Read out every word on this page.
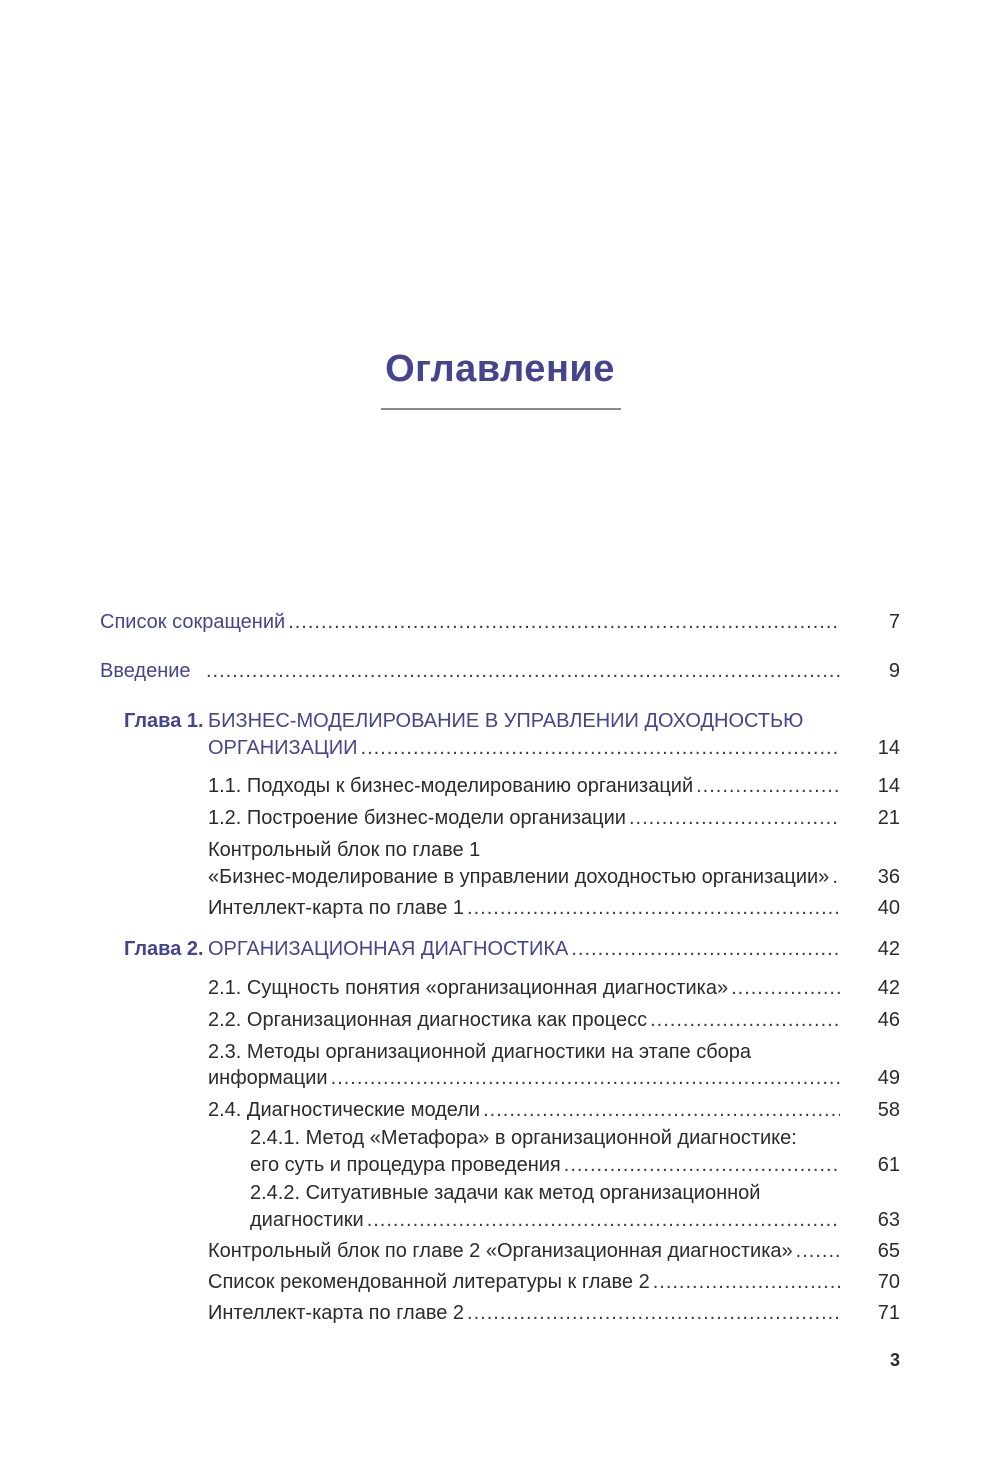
Оглавление
Список сокращений .....	7
Введение .....	9
Глава 1. БИЗНЕС-МОДЕЛИРОВАНИЕ В УПРАВЛЕНИИ ДОХОДНОСТЬЮ
ОРГАНИЗАЦИИ .....	14
1.1. Подходы к бизнес-моделированию организаций .....	14
1.2. Построение бизнес-модели организации .....	21
Контрольный блок по главе 1
«Бизнес-моделирование в управлении доходностью организации» .....	36
Интеллект-карта по главе 1 .....	40
Глава 2. ОРГАНИЗАЦИОННАЯ ДИАГНОСТИКА .....	42
2.1. Сущность понятия «организационная диагностика» .....	42
2.2. Организационная диагностика как процесс .....	46
2.3. Методы организационной диагностики на этапе сбора
информации .....	49
2.4. Диагностические модели .....	58
2.4.1. Метод «Метафора» в организационной диагностике:
его суть и процедура проведения .....	61
2.4.2. Ситуативные задачи как метод организационной
диагностики .....	63
Контрольный блок по главе 2 «Организационная диагностика» .....	65
Список рекомендованной литературы к главе 2 .....	70
Интеллект-карта по главе 2 .....	71
3
